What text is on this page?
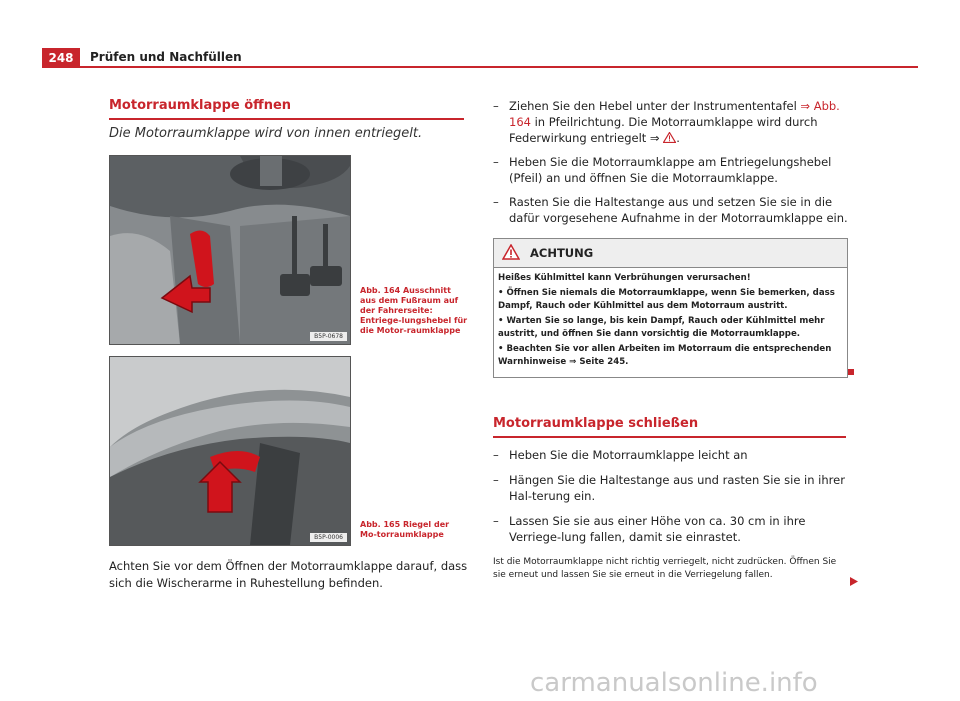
248	Prüfen und Nachfüllen
Motorraumklappe öffnen
Die Motorraumklappe wird von innen entriegelt.
B5P-0678
Abb. 164 Ausschnitt aus dem Fußraum auf der Fahrerseite: Entriege-lungshebel für die Motor-raumklappe
B5P-0006
Abb. 165 Riegel der Mo-torraumklappe
Achten Sie vor dem Öffnen der Motorraumklappe darauf, dass sich die Wischerarme in Ruhestellung befinden.
– Ziehen Sie den Hebel unter der Instrumententafel ⇒ Abb. 164 in Pfeilrichtung. Die Motorraumklappe wird durch Federwirkung entriegelt ⇒ .
– Heben Sie die Motorraumklappe am Entriegelungshebel (Pfeil) an und öffnen Sie die Motorraumklappe.
– Rasten Sie die Haltestange aus und setzen Sie sie in die dafür vorgesehene Aufnahme in der Motorraumklappe ein.
ACHTUNG

Heißes Kühlmittel kann Verbrühungen verursachen!

• Öffnen Sie niemals die Motorraumklappe, wenn Sie bemerken, dass Dampf, Rauch oder Kühlmittel aus dem Motorraum austritt.

• Warten Sie so lange, bis kein Dampf, Rauch oder Kühlmittel mehr austritt, und öffnen Sie dann vorsichtig die Motorraumklappe.

• Beachten Sie vor allen Arbeiten im Motorraum die entsprechenden Warnhinweise ⇒ Seite 245.

Motorraumklappe schließen
– Heben Sie die Motorraumklappe leicht an
– Hängen Sie die Haltestange aus und rasten Sie sie in ihrer Hal-terung ein.
– Lassen Sie sie aus einer Höhe von ca. 30 cm in ihre Verriege-lung fallen, damit sie einrastet.
Ist die Motorraumklappe nicht richtig verriegelt, nicht zudrücken. Öffnen Sie sie erneut und lassen Sie sie erneut in die Verriegelung fallen.
carmanualsonline.info
